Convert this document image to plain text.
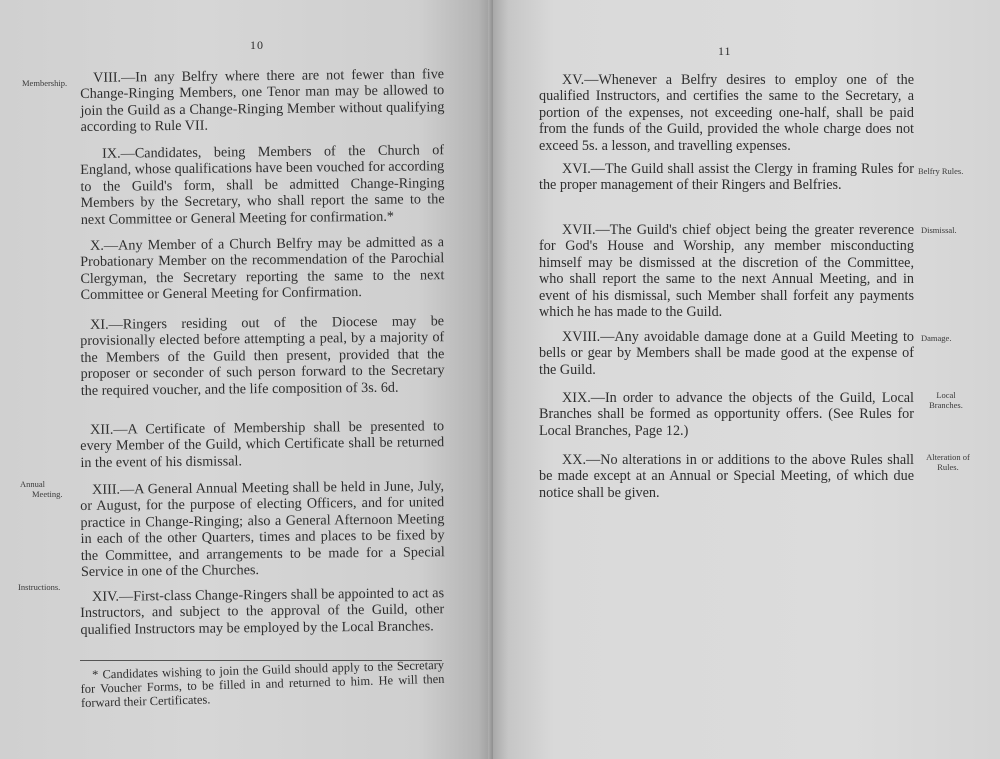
10
Membership.
Annual
Meeting.
Instructions.

VIII.—In any Belfry where there are not fewer than five Change-Ringing Members, one Tenor man may be allowed to join the Guild as a Change-Ringing Member without qualifying according to Rule VII.

IX.—Candidates, being Members of the Church of England, whose qualifications have been vouched for according to the Guild's form, shall be admitted Change-Ringing Members by the Secretary, who shall report the same to the next Committee or General Meeting for confirmation.*

X.—Any Member of a Church Belfry may be admitted as a Probationary Member on the recommendation of the Parochial Clergyman, the Secretary reporting the same to the next Committee or General Meeting for Confirmation.

XI.—Ringers residing out of the Diocese may be provisionally elected before attempting a peal, by a majority of the Members of the Guild then present, provided that the proposer or seconder of such person forward to the Secretary the required voucher, and the life composition of 3s. 6d.

XII.—A Certificate of Membership shall be presented to every Member of the Guild, which Certificate shall be returned in the event of his dismissal.

XIII.—A General Annual Meeting shall be held in June, July, or August, for the purpose of electing Officers, and for united practice in Change-Ringing; also a General Afternoon Meeting in each of the other Quarters, times and places to be fixed by the Committee, and arrangements to be made for a Special Service in one of the Churches.

XIV.—First-class Change-Ringers shall be appointed to act as Instructors, and subject to the approval of the Guild, other qualified Instructors may be employed by the Local Branches.

* Candidates wishing to join the Guild should apply to the Secretary for Voucher Forms, to be filled in and returned to him. He will then forward their Certificates.
11

XV.—Whenever a Belfry desires to employ one of the qualified Instructors, and certifies the same to the Secretary, a portion of the expenses, not exceeding one-half, shall be paid from the funds of the Guild, provided the whole charge does not exceed 5s. a lesson, and travelling expenses.

XVI.—The Guild shall assist the Clergy in framing Rules for the proper management of their Ringers and Belfries.

XVII.—The Guild's chief object being the greater reverence for God's House and Worship, any member misconducting himself may be dismissed at the discretion of the Committee, who shall report the same to the next Annual Meeting, and in event of his dismissal, such Member shall forfeit any payments which he has made to the Guild.

XVIII.—Any avoidable damage done at a Guild Meeting to bells or gear by Members shall be made good at the expense of the Guild.

XIX.—In order to advance the objects of the Guild, Local Branches shall be formed as opportunity offers. (See Rules for Local Branches, Page 12.)

XX.—No alterations in or additions to the above Rules shall be made except at an Annual or Special Meeting, of which due notice shall be given.

Belfry Rules.
Dismissal.
Damage.
Local
Branches.
Alteration of
Rules.
